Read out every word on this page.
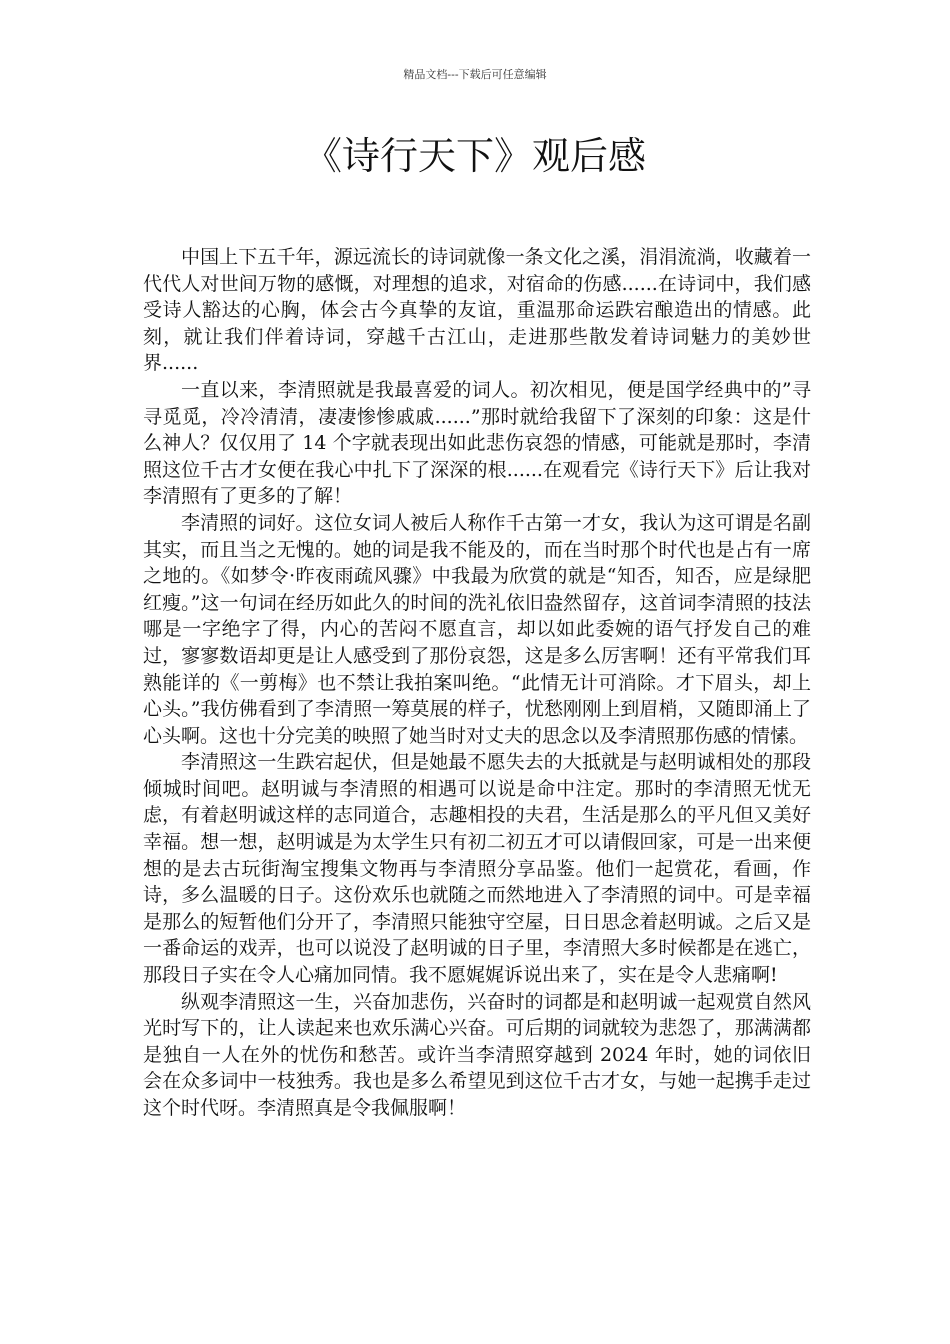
精品文档---下载后可任意编辑
《诗行天下》观后感

中国上下五千年，源远流长的诗词就像一条文化之溪，涓涓流淌，收藏着一代代人对世间万物的感慨，对理想的追求，对宿命的伤感......在诗词中，我们感受诗人豁达的心胸，体会古今真挚的友谊，重温那命运跌宕酿造出的情感。此刻，就让我们伴着诗词，穿越千古江山，走进那些散发着诗词魅力的美妙世界......

一直以来，李清照就是我最喜爱的词人。初次相见，便是国学经典中的”寻寻觅觅，冷冷清清，凄凄惨惨戚戚......”那时就给我留下了深刻的印象：这是什么神人？仅仅用了 14 个字就表现出如此悲伤哀怨的情感，可能就是那时，李清照这位千古才女便在我心中扎下了深深的根......在观看完《诗行天下》后让我对李清照有了更多的了解！

李清照的词好。这位女词人被后人称作千古第一才女，我认为这可谓是名副其实，而且当之无愧的。她的词是我不能及的，而在当时那个时代也是占有一席之地的。《如梦令·昨夜雨疏风骤》中我最为欣赏的就是“知否，知否，应是绿肥红瘦。”这一句词在经历如此久的时间的洗礼依旧盎然留存，这首词李清照的技法哪是一字绝字了得，内心的苦闷不愿直言，却以如此委婉的语气抒发自己的难过，寥寥数语却更是让人感受到了那份哀怨，这是多么厉害啊！还有平常我们耳熟能详的《一剪梅》也不禁让我拍案叫绝。“此情无计可消除。才下眉头，却上心头。”我仿佛看到了李清照一筹莫展的样子，忧愁刚刚上到眉梢，又随即涌上了心头啊。这也十分完美的映照了她当时对丈夫的思念以及李清照那伤感的情愫。

李清照这一生跌宕起伏，但是她最不愿失去的大抵就是与赵明诚相处的那段倾城时间吧。赵明诚与李清照的相遇可以说是命中注定。那时的李清照无忧无虑，有着赵明诚这样的志同道合，志趣相投的夫君，生活是那么的平凡但又美好幸福。想一想，赵明诚是为太学生只有初二初五才可以请假回家，可是一出来便想的是去古玩街淘宝搜集文物再与李清照分享品鉴。他们一起赏花，看画，作诗，多么温暖的日子。这份欢乐也就随之而然地进入了李清照的词中。可是幸福是那么的短暂他们分开了，李清照只能独守空屋，日日思念着赵明诚。之后又是一番命运的戏弄，也可以说没了赵明诚的日子里，李清照大多时候都是在逃亡，那段日子实在令人心痛加同情。我不愿娓娓诉说出来了，实在是令人悲痛啊!

纵观李清照这一生，兴奋加悲伤，兴奋时的词都是和赵明诚一起观赏自然风光时写下的，让人读起来也欢乐满心兴奋。可后期的词就较为悲怨了，那满满都是独自一人在外的忧伤和愁苦。或许当李清照穿越到 2024 年时，她的词依旧会在众多词中一枝独秀。我也是多么希望见到这位千古才女，与她一起携手走过这个时代呀。李清照真是令我佩服啊！
